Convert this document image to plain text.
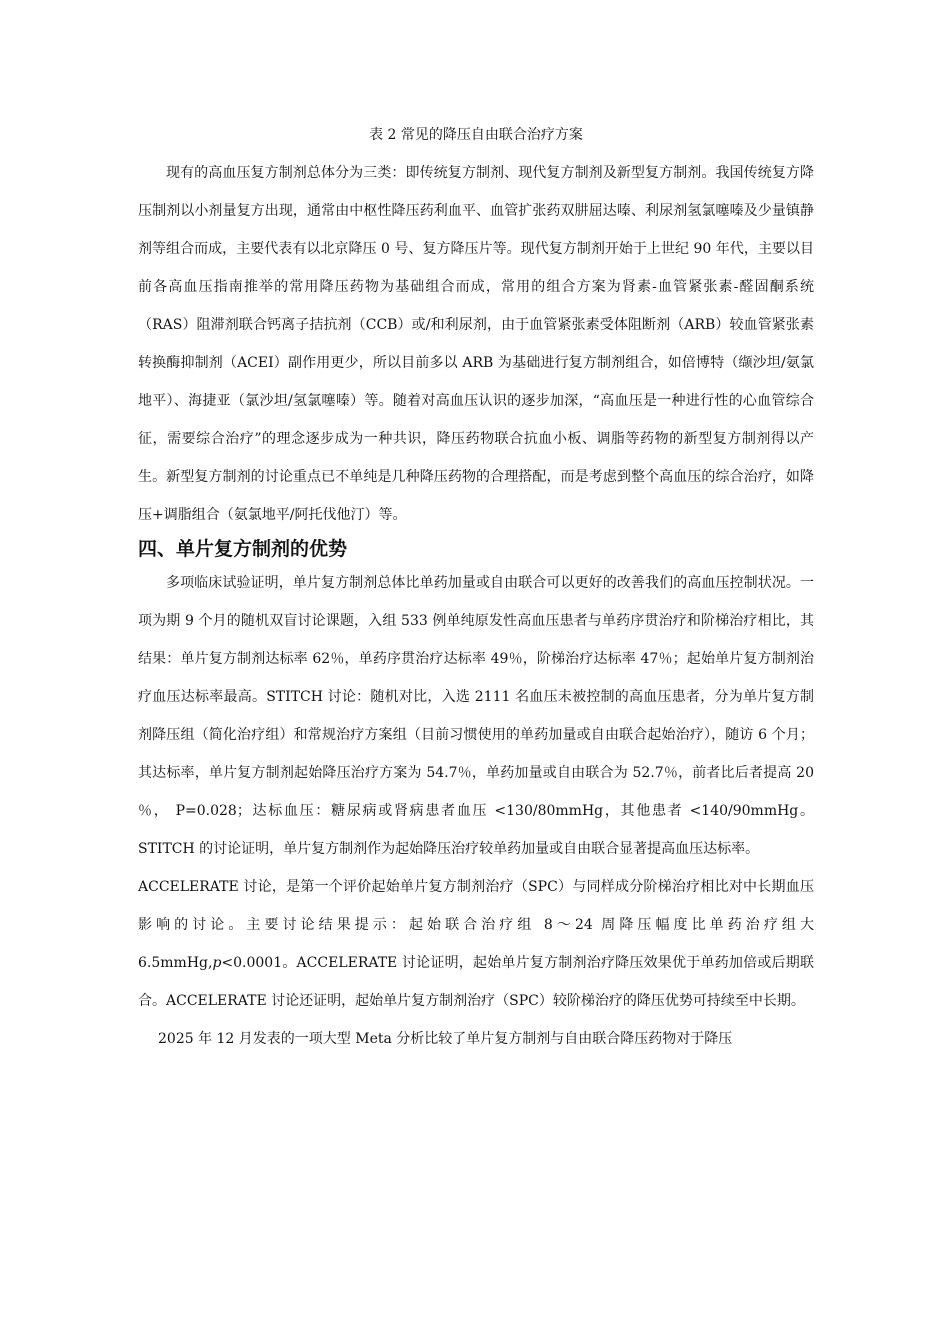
表 2 常见的降压自由联合治疗方案

现有的高血压复方制剂总体分为三类：即传统复方制剂、现代复方制剂及新型复方制剂。我国传统复方降压制剂以小剂量复方出现，通常由中枢性降压药利血平、血管扩张药双肼屈达嗪、利尿剂氢氯噻嗪及少量镇静剂等组合而成，主要代表有以北京降压 0 号、复方降压片等。现代复方制剂开始于上世纪 90 年代，主要以目前各高血压指南推举的常用降压药物为基础组合而成，常用的组合方案为肾素-血管紧张素-醛固酮系统（RAS）阻滞剂联合钙离子拮抗剂（CCB）或/和利尿剂，由于血管紧张素受体阻断剂（ARB）较血管紧张素转换酶抑制剂（ACEI）副作用更少，所以目前多以 ARB 为基础进行复方制剂组合，如倍博特（缬沙坦/氨氯地平）、海捷亚（氯沙坦/氢氯噻嗪）等。随着对高血压认识的逐步加深，“高血压是一种进行性的心血管综合征，需要综合治疗”的理念逐步成为一种共识，降压药物联合抗血小板、调脂等药物的新型复方制剂得以产生。新型复方制剂的讨论重点已不单纯是几种降压药物的合理搭配，而是考虑到整个高血压的综合治疗，如降压+调脂组合（氨氯地平/阿托伐他汀）等。

四、单片复方制剂的优势

多项临床试验证明，单片复方制剂总体比单药加量或自由联合可以更好的改善我们的高血压控制状况。一项为期 9 个月的随机双盲讨论课题，入组 533 例单纯原发性高血压患者与单药序贯治疗和阶梯治疗相比，其结果：单片复方制剂达标率 62％，单药序贯治疗达标率 49％，阶梯治疗达标率 47％；起始单片复方制剂治疗血压达标率最高。STITCH 讨论：随机对比，入选 2111 名血压未被控制的高血压患者，分为单片复方制剂降压组（简化治疗组）和常规治疗方案组（目前习惯使用的单药加量或自由联合起始治疗），随访 6 个月；其达标率，单片复方制剂起始降压治疗方案为 54.7％，单药加量或自由联合为 52.7％，前者比后者提高 20 ％， P=0.028；达标血压：糖尿病或肾病患者血压 <130/80mmHg，其他患者 <140/90mmHg。STITCH 的讨论证明，单片复方制剂作为起始降压治疗较单药加量或自由联合显著提高血压达标率。

ACCELERATE 讨论，是第一个评价起始单片复方制剂治疗（SPC）与同样成分阶梯治疗相比对中长期血压影响的讨论。主要讨论结果提示：起始联合治疗组 8～24 周降压幅度比单药治疗组大 6.5mmHg,p<0.0001。ACCELERATE 讨论证明，起始单片复方制剂治疗降压效果优于单药加倍或后期联合。ACCELERATE 讨论还证明，起始单片复方制剂治疗（SPC）较阶梯治疗的降压优势可持续至中长期。

2025 年 12 月发表的一项大型 Meta 分析比较了单片复方制剂与自由联合降压药物对于降压
